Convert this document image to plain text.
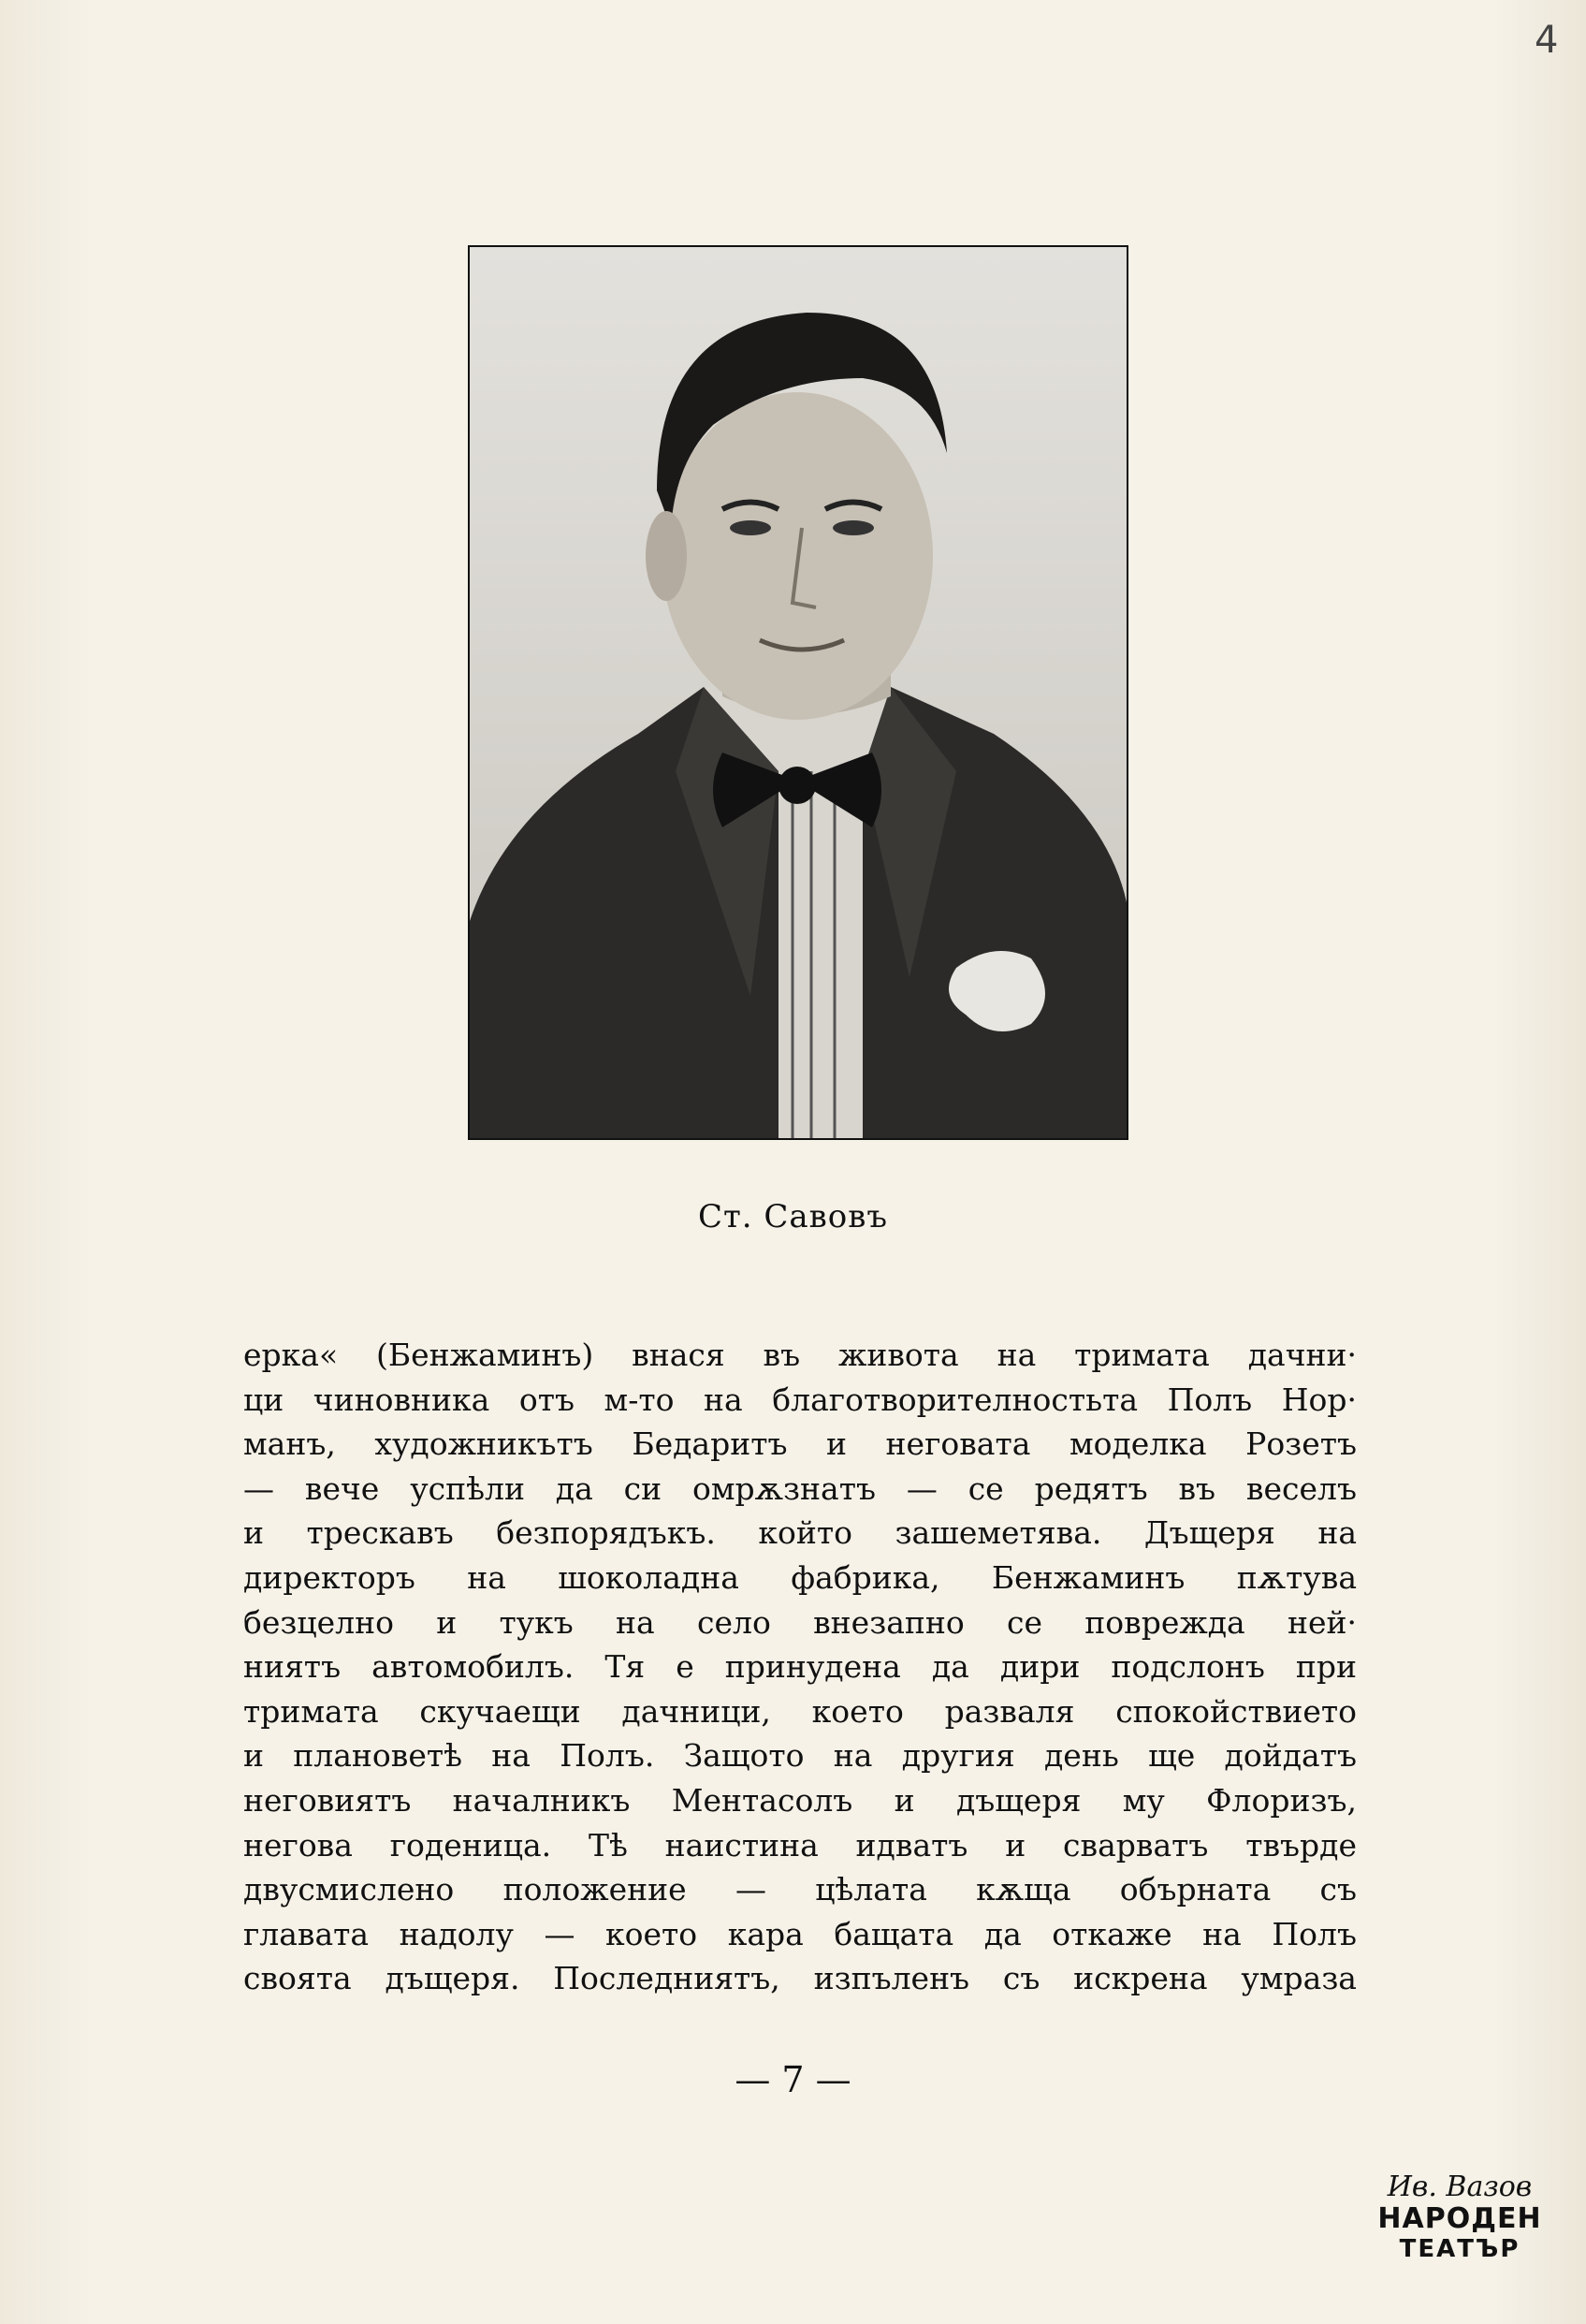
4
Ст. Савовъ
ерка« (Бенжаминъ) внася въ живота на тримата дачни·
ци чиновника отъ м-то на благотворителностьта Полъ Нор·
манъ, художникътъ Бедаритъ и неговата моделка Розетъ
— вече успѣли да си омрѫзнатъ — се редятъ въ веселъ
и трескавъ безпорядъкъ. който зашеметява. Дъщеря на
директоръ на шоколадна фабрика, Бенжаминъ пѫтува
безцелно и тукъ на село внезапно се поврежда ней·
ниятъ автомобилъ. Тя е принудена да дири подслонъ при
тримата скучаещи дачници, което разваля спокойствието
и плановетѣ на Полъ. Защото на другия день ще дойдатъ
неговиятъ началникъ Ментасолъ и дъщеря му Флоризъ,
негова годеница. Тѣ наистина идватъ и сварватъ твърде
двусмислено положение — цѣлата кѫща обърната съ
главата надолу — което кара бащата да откаже на Полъ
своята дъщеря. Последниятъ, изпъленъ съ искрена умраза
— 7 —
Ив. Вазов
НАРОДЕН
ТЕАТЪР
